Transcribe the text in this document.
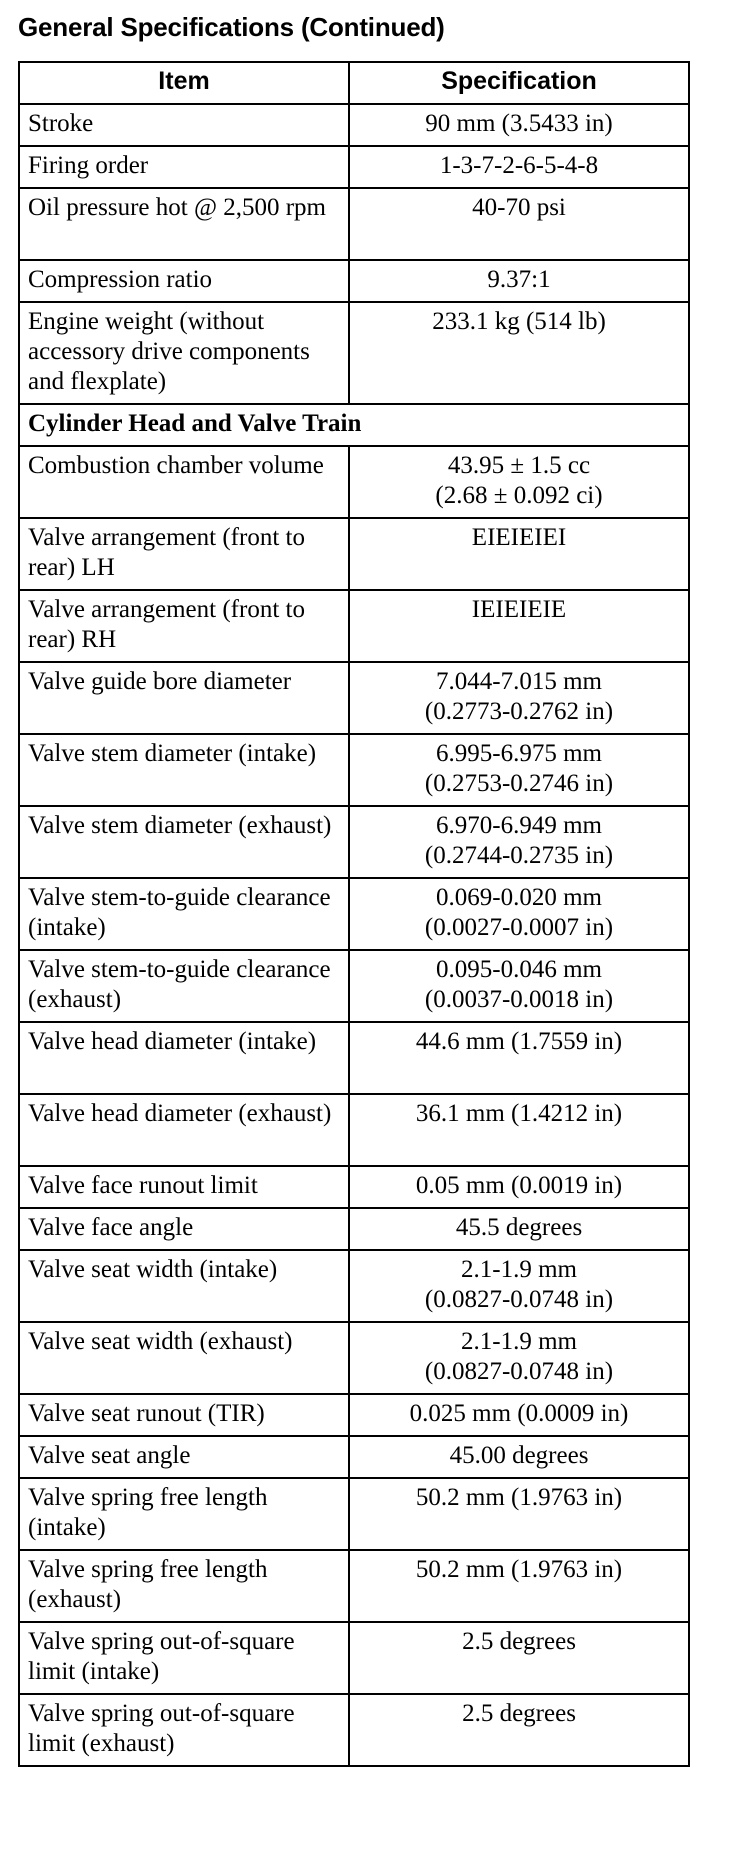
General Specifications (Continued)
Item	Specification
Stroke	90 mm (3.5433 in)
Firing order	1-3-7-2-6-5-4-8
Oil pressure hot @ 2,500 rpm	40-70 psi
Compression ratio	9.37:1
Engine weight (without accessory drive components and flexplate)	233.1 kg (514 lb)
Cylinder Head and Valve Train	
Combustion chamber volume	43.95 ± 1.5 cc
(2.68 ± 0.092 ci)
Valve arrangement (front to rear) LH	EIEIEIEI
Valve arrangement (front to rear) RH	IEIEIEIE
Valve guide bore diameter	7.044-7.015 mm
(0.2773-0.2762 in)
Valve stem diameter (intake)	6.995-6.975 mm
(0.2753-0.2746 in)
Valve stem diameter (exhaust)	6.970-6.949 mm
(0.2744-0.2735 in)
Valve stem-to-guide clearance (intake)	0.069-0.020 mm
(0.0027-0.0007 in)
Valve stem-to-guide clearance (exhaust)	0.095-0.046 mm
(0.0037-0.0018 in)
Valve head diameter (intake)	44.6 mm (1.7559 in)
Valve head diameter (exhaust)	36.1 mm (1.4212 in)
Valve face runout limit	0.05 mm (0.0019 in)
Valve face angle	45.5 degrees
Valve seat width (intake)	2.1-1.9 mm
(0.0827-0.0748 in)
Valve seat width (exhaust)	2.1-1.9 mm
(0.0827-0.0748 in)
Valve seat runout (TIR)	0.025 mm (0.0009 in)
Valve seat angle	45.00 degrees
Valve spring free length (intake)	50.2 mm (1.9763 in)
Valve spring free length (exhaust)	50.2 mm (1.9763 in)
Valve spring out-of-square limit (intake)	2.5 degrees
Valve spring out-of-square limit (exhaust)	2.5 degrees
